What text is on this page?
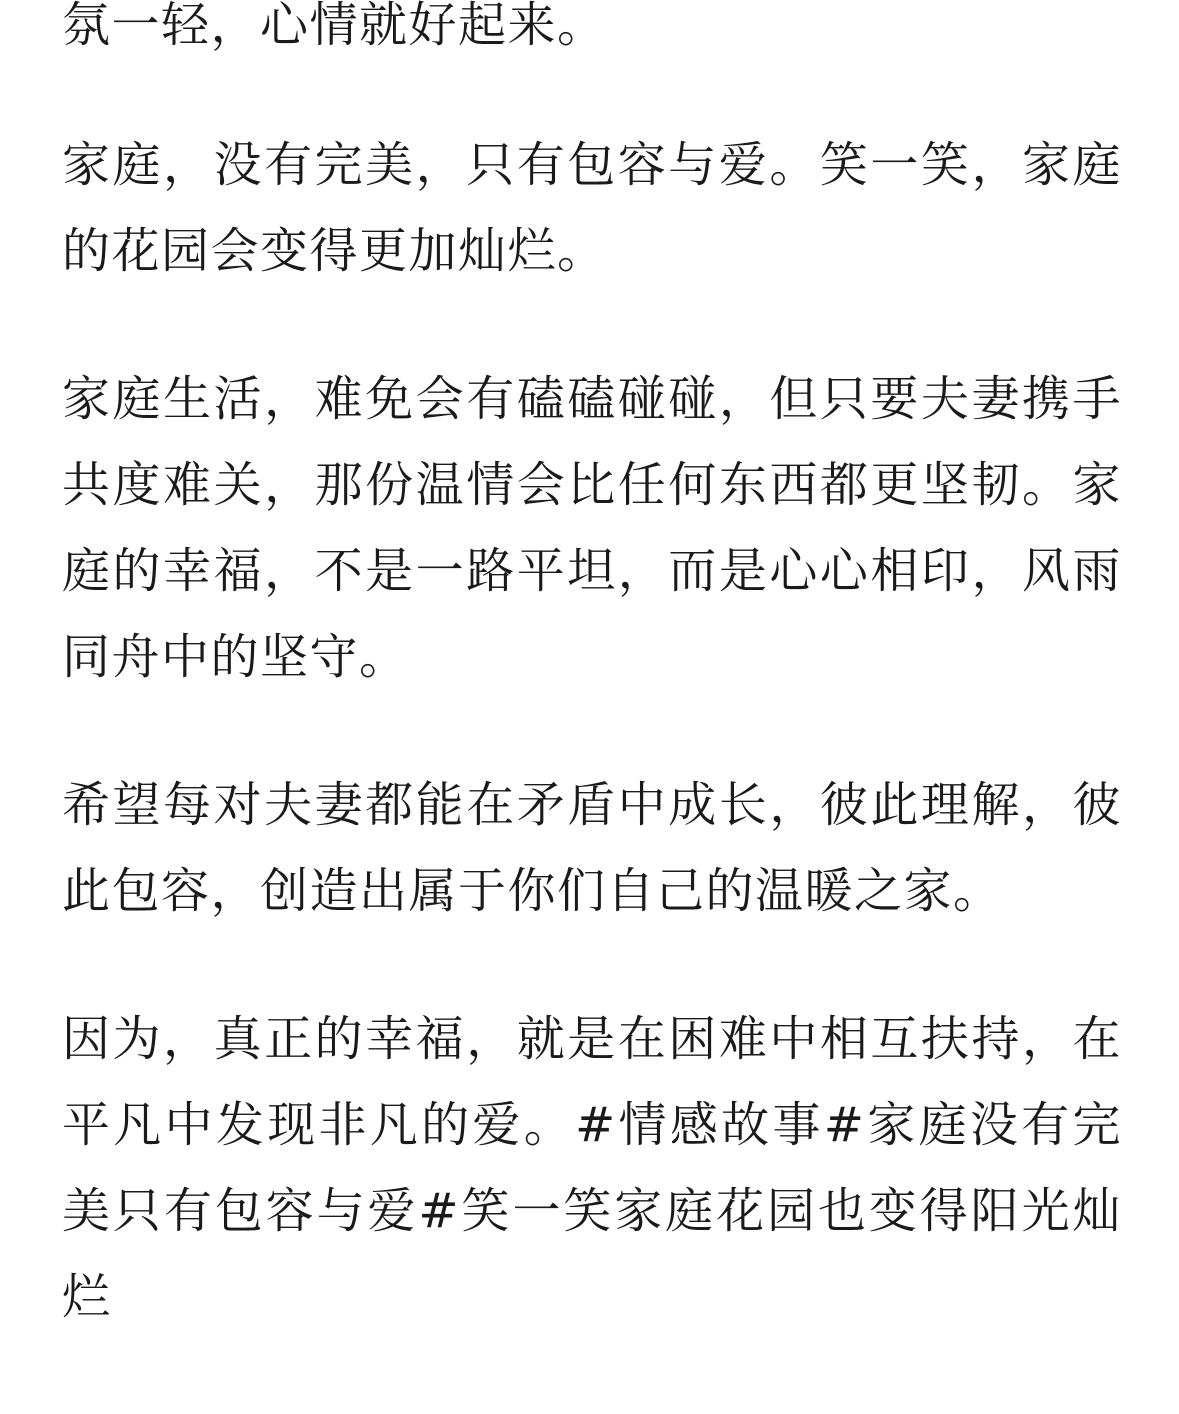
氛一轻，心情就好起来。

家庭，没有完美，只有包容与爱。笑一笑，家庭的花园会变得更加灿烂。

家庭生活，难免会有磕磕碰碰，但只要夫妻携手共度难关，那份温情会比任何东西都更坚韧。家庭的幸福，不是一路平坦，而是心心相印，风雨同舟中的坚守。

希望每对夫妻都能在矛盾中成长，彼此理解，彼此包容，创造出属于你们自己的温暖之家。

因为，真正的幸福，就是在困难中相互扶持，在平凡中发现非凡的爱。#情感故事#家庭没有完美只有包容与爱#笑一笑家庭花园也变得阳光灿烂
